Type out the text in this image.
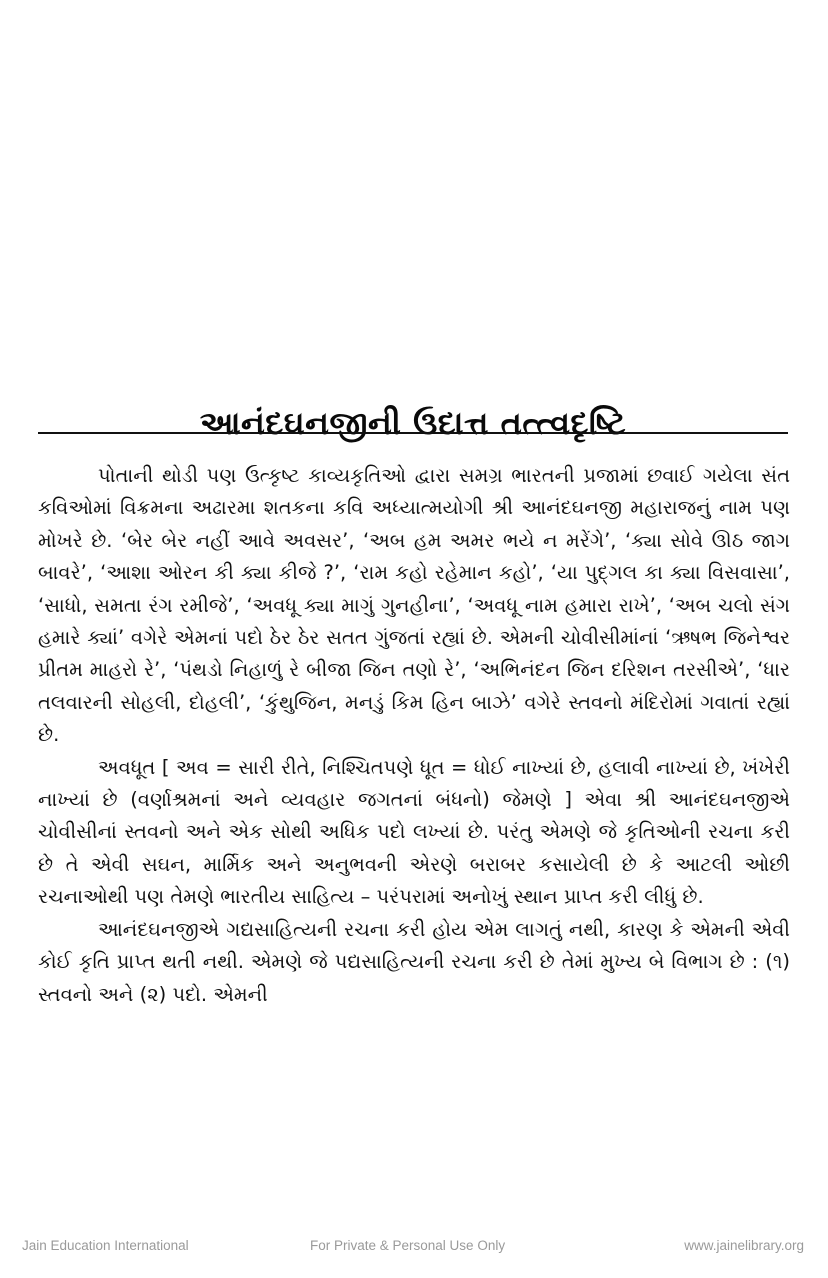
આનંદઘનજીની ઉદાત્ત તત્ત્વદૃષ્ટિ

પોતાની થોડી પણ ઉત્કૃષ્ટ કાવ્યકૃતિઓ દ્વારા સમગ્ર ભારતની પ્રજામાં છવાઈ ગયેલા સંત કવિઓમાં વિક્રમના અઢારમા શતકના કવિ અધ્યાત્મયોગી શ્રી આનંદઘનજી મહારાજનું નામ પણ મોખરે છે. ‘બેર બેર નહીં આવે અવસર’, ‘અબ હમ અમર ભયે ન મરેંગે’, ‘ક્યા સોવે ઊઠ જાગ બાવરે’, ‘આશા ઓરન કી ક્યા કીજે ?’, ‘રામ કહો રહેમાન કહો’, ‘યા પુદ્‌ગલ કા ક્યા વિસવાસા’, ‘સાધો, સમતા રંગ રમીજે’, ‘અવધૂ ક્યા માગું ગુનહીના’, ‘અવધૂ નામ હમારા રાખે’, ‘અબ ચલો સંગ હમારે ક્યાં’ વગેરે એમનાં પદો ઠેર ઠેર સતત ગુંજતાં રહ્યાં છે. એમની ચોવીસીમાંનાં ‘ઋષભ જિનેશ્વર પ્રીતમ માહરો રે’, ‘પંથડો નિહાળું રે બીજા જિન તણો રે’, ‘અભિનંદન જિન દરિશન તરસીએ’, ‘ધાર તલવારની સોહલી, દોહલી’, ‘કુંથુજિન, મનડું કિમ હિન બાઝે’ વગેરે સ્તવનો મંદિરોમાં ગવાતાં રહ્યાં છે.

અવધૂત [ અવ = સારી રીતે, નિશ્ચિતપણે ધૂત = ધોઈ નાખ્યાં છે, હલાવી નાખ્યાં છે, ખંખેરી નાખ્યાં છે (વર્ણાશ્રમનાં અને વ્યવહાર જગતનાં બંધનો) જેમણે ] એવા શ્રી આનંદઘનજીએ ચોવીસીનાં સ્તવનો અને એક સોથી અધિક પદો લખ્યાં છે. પરંતુ એમણે જે કૃતિઓની રચના કરી છે તે એવી સઘન, માર્મિક અને અનુભવની એરણે બરાબર કસાયેલી છે કે આટલી ઓછી રચનાઓથી પણ તેમણે ભારતીય સાહિત્ય – પરંપરામાં અનોખું સ્થાન પ્રાપ્ત કરી લીધું છે.

આનંદઘનજીએ ગદ્યસાહિત્યની રચના કરી હોય એમ લાગતું નથી, કારણ કે એમની એવી કોઈ કૃતિ પ્રાપ્ત થતી નથી. એમણે જે પદ્યસાહિત્યની રચના કરી છે તેમાં મુખ્ય બે વિભાગ છે : (૧) સ્તવનો અને (૨) પદો. એમની

Jain Education International	For Private & Personal Use Only	www.jainelibrary.org
